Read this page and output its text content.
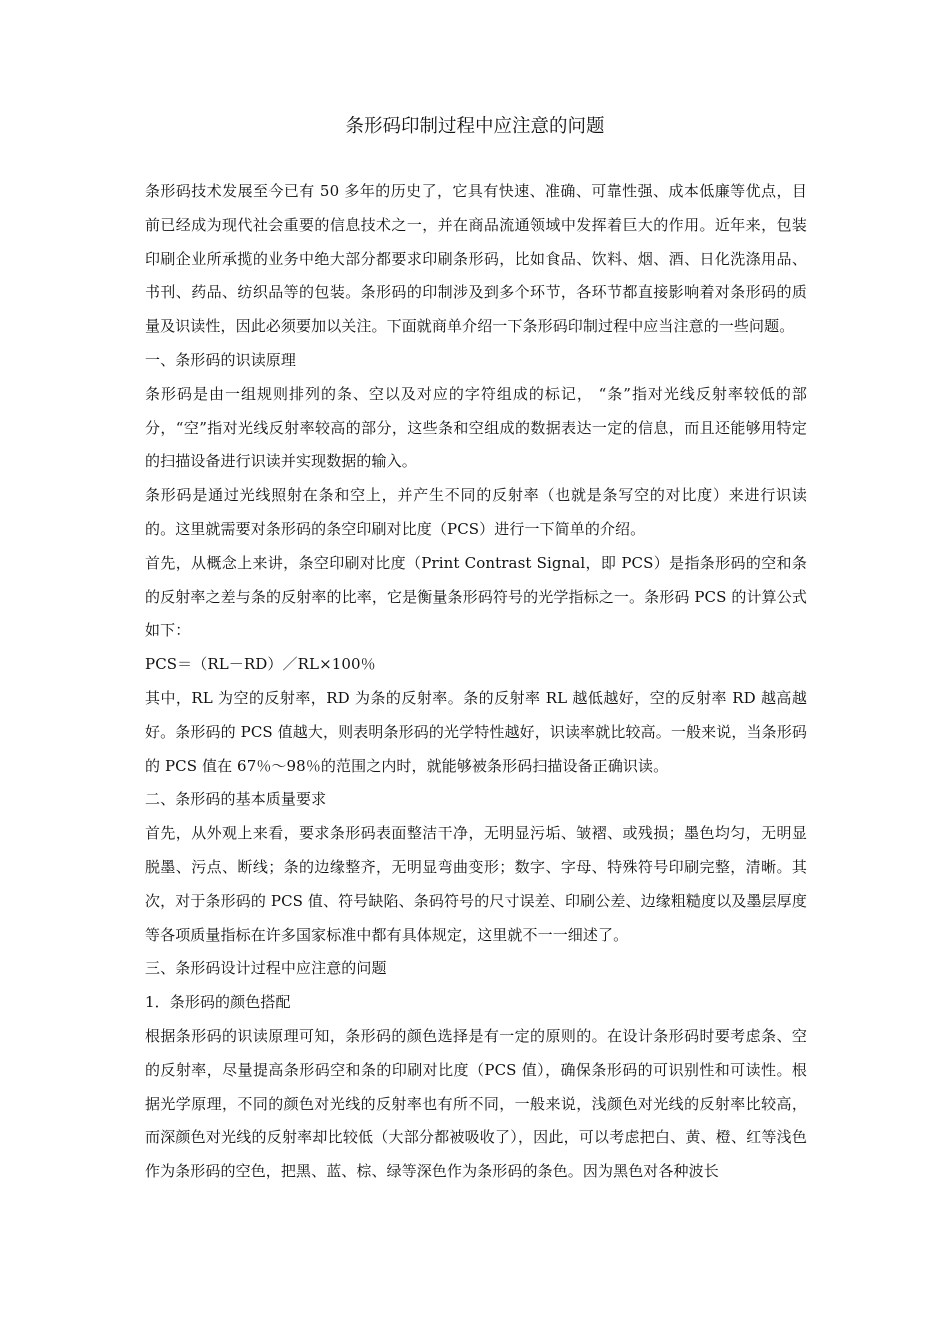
条形码印制过程中应注意的问题

条形码技术发展至今已有 50 多年的历史了，它具有快速、准确、可靠性强、成本低廉等优点，目前已经成为现代社会重要的信息技术之一，并在商品流通领域中发挥着巨大的作用。近年来，包装印刷企业所承揽的业务中绝大部分都要求印刷条形码，比如食品、饮料、烟、酒、日化洗涤用品、书刊、药品、纺织品等的包装。条形码的印制涉及到多个环节，各环节都直接影响着对条形码的质量及识读性，因此必须要加以关注。下面就商单介绍一下条形码印制过程中应当注意的一些问题。

一、条形码的识读原理

条形码是由一组规则排列的条、空以及对应的字符组成的标记， “条”指对光线反射率较低的部分，“空”指对光线反射率较高的部分，这些条和空组成的数据表达一定的信息，而且还能够用特定的扫描设备进行识读并实现数据的输入。

条形码是通过光线照射在条和空上，并产生不同的反射率（也就是条写空的对比度）来进行识读的。这里就需要对条形码的条空印刷对比度（PCS）进行一下简单的介绍。

首先，从概念上来讲，条空印刷对比度（Print Contrast Signal，即 PCS）是指条形码的空和条的反射率之差与条的反射率的比率，它是衡量条形码符号的光学指标之一。条形码 PCS 的计算公式如下：

PCS＝（RL－RD）／RL×100％

其中，RL 为空的反射率，RD 为条的反射率。条的反射率 RL 越低越好，空的反射率 RD 越高越好。条形码的 PCS 值越大，则表明条形码的光学特性越好，识读率就比较高。一般来说，当条形码的 PCS 值在 67％～98％的范围之内时，就能够被条形码扫描设备正确识读。

二、条形码的基本质量要求

首先，从外观上来看，要求条形码表面整洁干净，无明显污垢、皱褶、或残损；墨色均匀，无明显脱墨、污点、断线；条的边缘整齐，无明显弯曲变形；数字、字母、特殊符号印刷完整，清晰。其次，对于条形码的 PCS 值、符号缺陷、条码符号的尺寸误差、印刷公差、边缘粗糙度以及墨层厚度等各项质量指标在许多国家标准中都有具体规定，这里就不一一细述了。

三、条形码设计过程中应注意的问题

1．条形码的颜色搭配

根据条形码的识读原理可知，条形码的颜色选择是有一定的原则的。在设计条形码时要考虑条、空的反射率，尽量提高条形码空和条的印刷对比度（PCS 值），确保条形码的可识别性和可读性。根据光学原理，不同的颜色对光线的反射率也有所不同，一般来说，浅颜色对光线的反射率比较高，而深颜色对光线的反射率却比较低（大部分都被吸收了），因此，可以考虑把白、黄、橙、红等浅色作为条形码的空色，把黑、蓝、棕、绿等深色作为条形码的条色。因为黑色对各种波长
